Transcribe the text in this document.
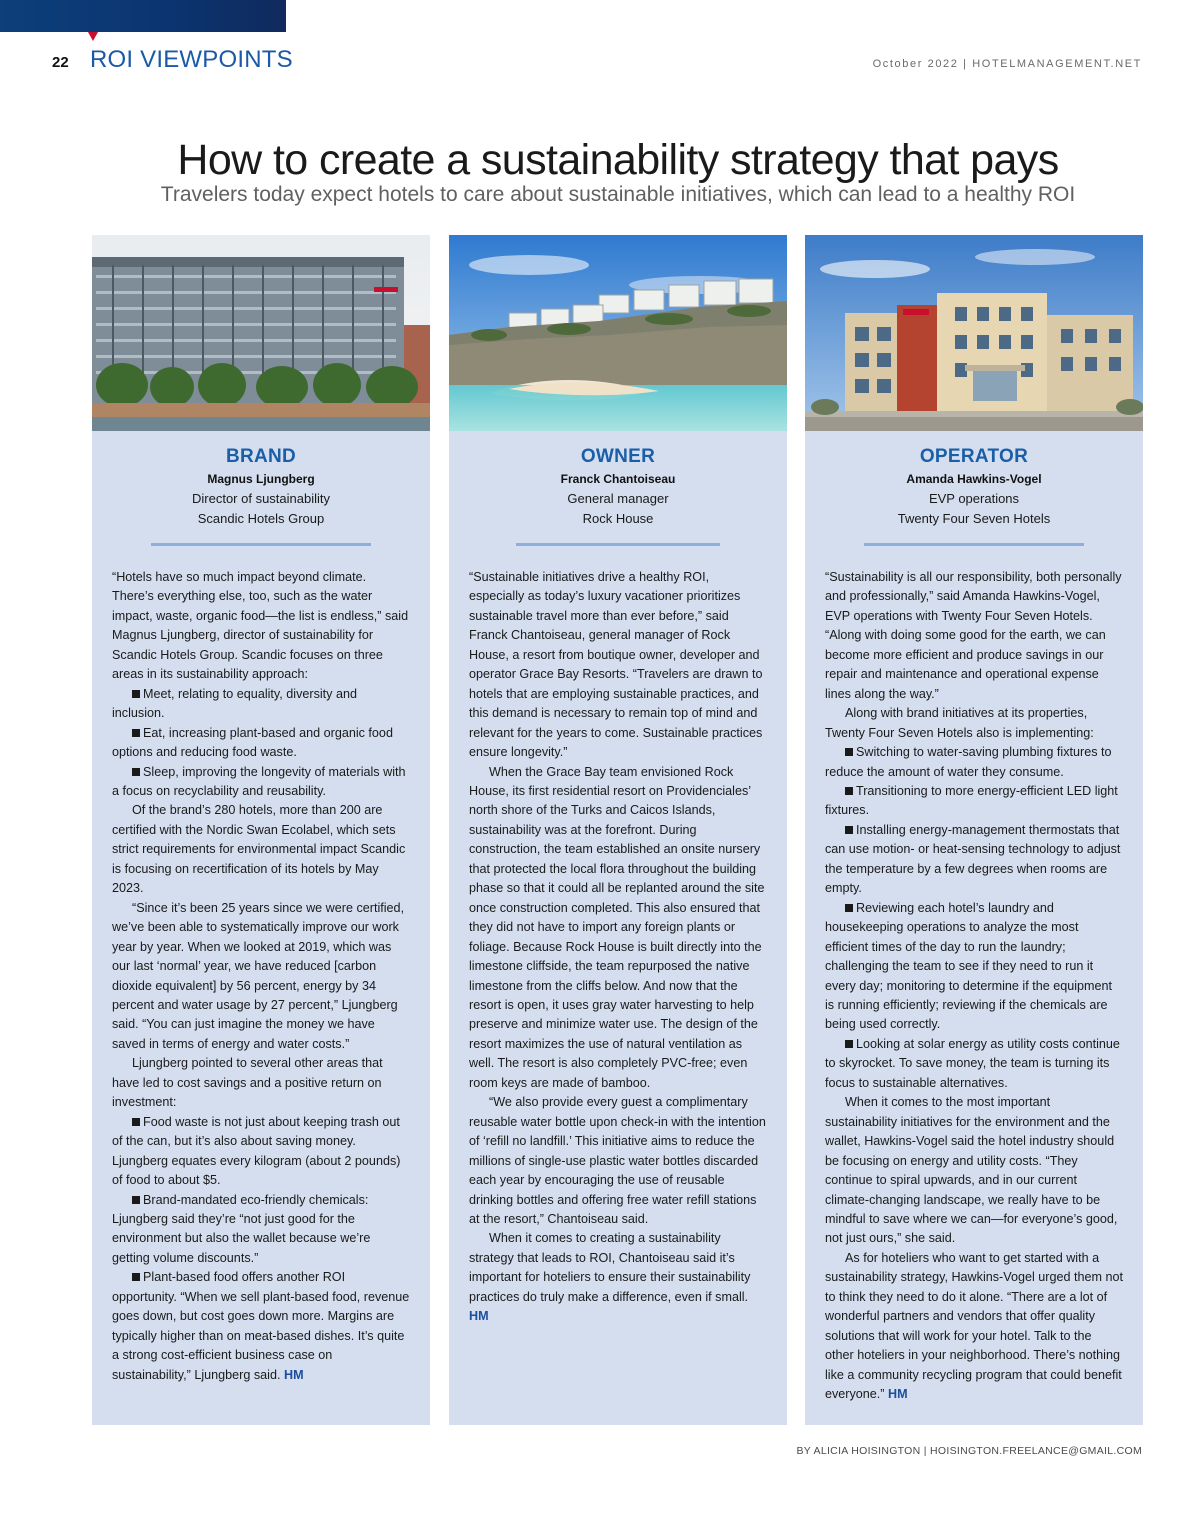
22 ROI VIEWPOINTS	October 2022 | HOTELMANAGEMENT.NET
How to create a sustainability strategy that pays
Travelers today expect hotels to care about sustainable initiatives, which can lead to a healthy ROI
BRAND
Magnus Ljungberg
Director of sustainability
Scandic Hotels Group

“Hotels have so much impact beyond climate. There’s everything else, too, such as the water impact, waste, organic food—the list is endless,” said Magnus Ljungberg, director of sustainability for Scandic Hotels Group. Scandic focuses on three areas in its sustainability approach:

Meet, relating to equality, diversity and inclusion.

Eat, increasing plant-based and organic food options and reducing food waste.

Sleep, improving the longevity of materials with a focus on recyclability and reusability.

Of the brand’s 280 hotels, more than 200 are certified with the Nordic Swan Ecolabel, which sets strict requirements for environmental impact Scandic is focusing on recertification of its hotels by May 2023.

“Since it’s been 25 years since we were certified, we’ve been able to systematically improve our work year by year. When we looked at 2019, which was our last ‘normal’ year, we have reduced [carbon dioxide equivalent] by 56 percent, energy by 34 percent and water usage by 27 percent,” Ljungberg said. “You can just imagine the money we have saved in terms of energy and water costs.”

Ljungberg pointed to several other areas that have led to cost savings and a positive return on investment:

Food waste is not just about keeping trash out of the can, but it’s also about saving money. Ljungberg equates every kilogram (about 2 pounds) of food to about $5.

Brand-mandated eco-friendly chemicals: Ljungberg said they’re “not just good for the environment but also the wallet because we’re getting volume discounts.”

Plant-based food offers another ROI opportunity. “When we sell plant-based food, revenue goes down, but cost goes down more. Margins are typically higher than on meat-based dishes. It’s quite a strong cost-efficient business case on sustainability,” Ljungberg said. HM

OWNER
Franck Chantoiseau
General manager
Rock House

“Sustainable initiatives drive a healthy ROI, especially as today’s luxury vacationer prioritizes sustainable travel more than ever before,” said Franck Chantoiseau, general manager of Rock House, a resort from boutique owner, developer and operator Grace Bay Resorts. “Travelers are drawn to hotels that are employing sustainable practices, and this demand is necessary to remain top of mind and relevant for the years to come. Sustainable practices ensure longevity.”

When the Grace Bay team envisioned Rock House, its first residential resort on Providenciales’ north shore of the Turks and Caicos Islands, sustainability was at the forefront. During construction, the team established an onsite nursery that protected the local flora throughout the building phase so that it could all be replanted around the site once construction completed. This also ensured that they did not have to import any foreign plants or foliage. Because Rock House is built directly into the limestone cliffside, the team repurposed the native limestone from the cliffs below. And now that the resort is open, it uses gray water harvesting to help preserve and minimize water use. The design of the resort maximizes the use of natural ventilation as well. The resort is also completely PVC-free; even room keys are made of bamboo.

“We also provide every guest a complimentary reusable water bottle upon check-in with the intention of ‘refill no landfill.’ This initiative aims to reduce the millions of single-use plastic water bottles discarded each year by encouraging the use of reusable drinking bottles and offering free water refill stations at the resort,” Chantoiseau said.

When it comes to creating a sustainability strategy that leads to ROI, Chantoiseau said it’s important for hoteliers to ensure their sustainability practices do truly make a difference, even if small. HM

OPERATOR
Amanda Hawkins-Vogel
EVP operations
Twenty Four Seven Hotels

“Sustainability is all our responsibility, both personally and professionally,” said Amanda Hawkins-Vogel, EVP operations with Twenty Four Seven Hotels. “Along with doing some good for the earth, we can become more efficient and produce savings in our repair and maintenance and operational expense lines along the way.”

Along with brand initiatives at its properties, Twenty Four Seven Hotels also is implementing:

Switching to water-saving plumbing fixtures to reduce the amount of water they consume.

Transitioning to more energy-efficient LED light fixtures.

Installing energy-management thermostats that can use motion- or heat-sensing technology to adjust the temperature by a few degrees when rooms are empty.

Reviewing each hotel’s laundry and housekeeping operations to analyze the most efficient times of the day to run the laundry; challenging the team to see if they need to run it every day; monitoring to determine if the equipment is running efficiently; reviewing if the chemicals are being used correctly.

Looking at solar energy as utility costs continue to skyrocket. To save money, the team is turning its focus to sustainable alternatives.

When it comes to the most important sustainability initiatives for the environment and the wallet, Hawkins-Vogel said the hotel industry should be focusing on energy and utility costs. “They continue to spiral upwards, and in our current climate-changing landscape, we really have to be mindful to save where we can—for everyone’s good, not just ours,” she said.

As for hoteliers who want to get started with a sustainability strategy, Hawkins-Vogel urged them not to think they need to do it alone. “There are a lot of wonderful partners and vendors that offer quality solutions that will work for your hotel. Talk to the other hoteliers in your neighborhood. There’s nothing like a community recycling program that could benefit everyone.” HM

BY ALICIA HOISINGTON | HOISINGTON.FREELANCE@GMAIL.COM
